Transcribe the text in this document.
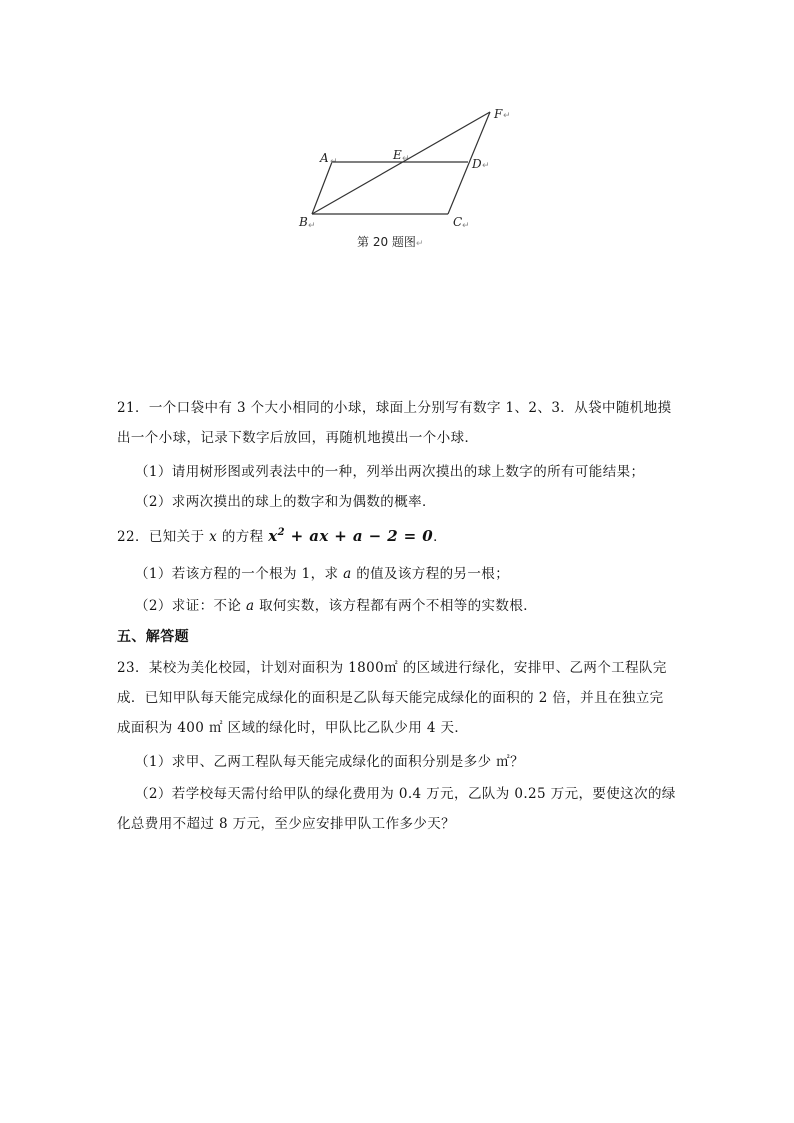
A ↵	E ↵	D ↵
F ↵
B ↵	C ↵
第 20 题图↵
21．一个口袋中有 3 个大小相同的小球，球面上分别写有数字 1、2、3．从袋中随机地摸
出一个小球，记录下数字后放回，再随机地摸出一个小球．
（1）请用树形图或列表法中的一种，列举出两次摸出的球上数字的所有可能结果；
（2）求两次摸出的球上的数字和为偶数的概率．
22．已知关于 x 的方程 $x^2$ + ax + a − 2 = 0．
（1）若该方程的一个根为 1，求 a 的值及该方程的另一根；
（2）求证：不论 a 取何实数，该方程都有两个不相等的实数根．
五、解答题
23．某校为美化校园，计划对面积为 1800㎡ 的区域进行绿化，安排甲、乙两个工程队完
成．已知甲队每天能完成绿化的面积是乙队每天能完成绿化的面积的 2 倍，并且在独立完
成面积为 400 ㎡ 区域的绿化时，甲队比乙队少用 4 天．
（1）求甲、乙两工程队每天能完成绿化的面积分别是多少 ㎡？
（2）若学校每天需付给甲队的绿化费用为 0.4 万元，乙队为 0.25 万元，要使这次的绿
化总费用不超过 8 万元，至少应安排甲队工作多少天？
